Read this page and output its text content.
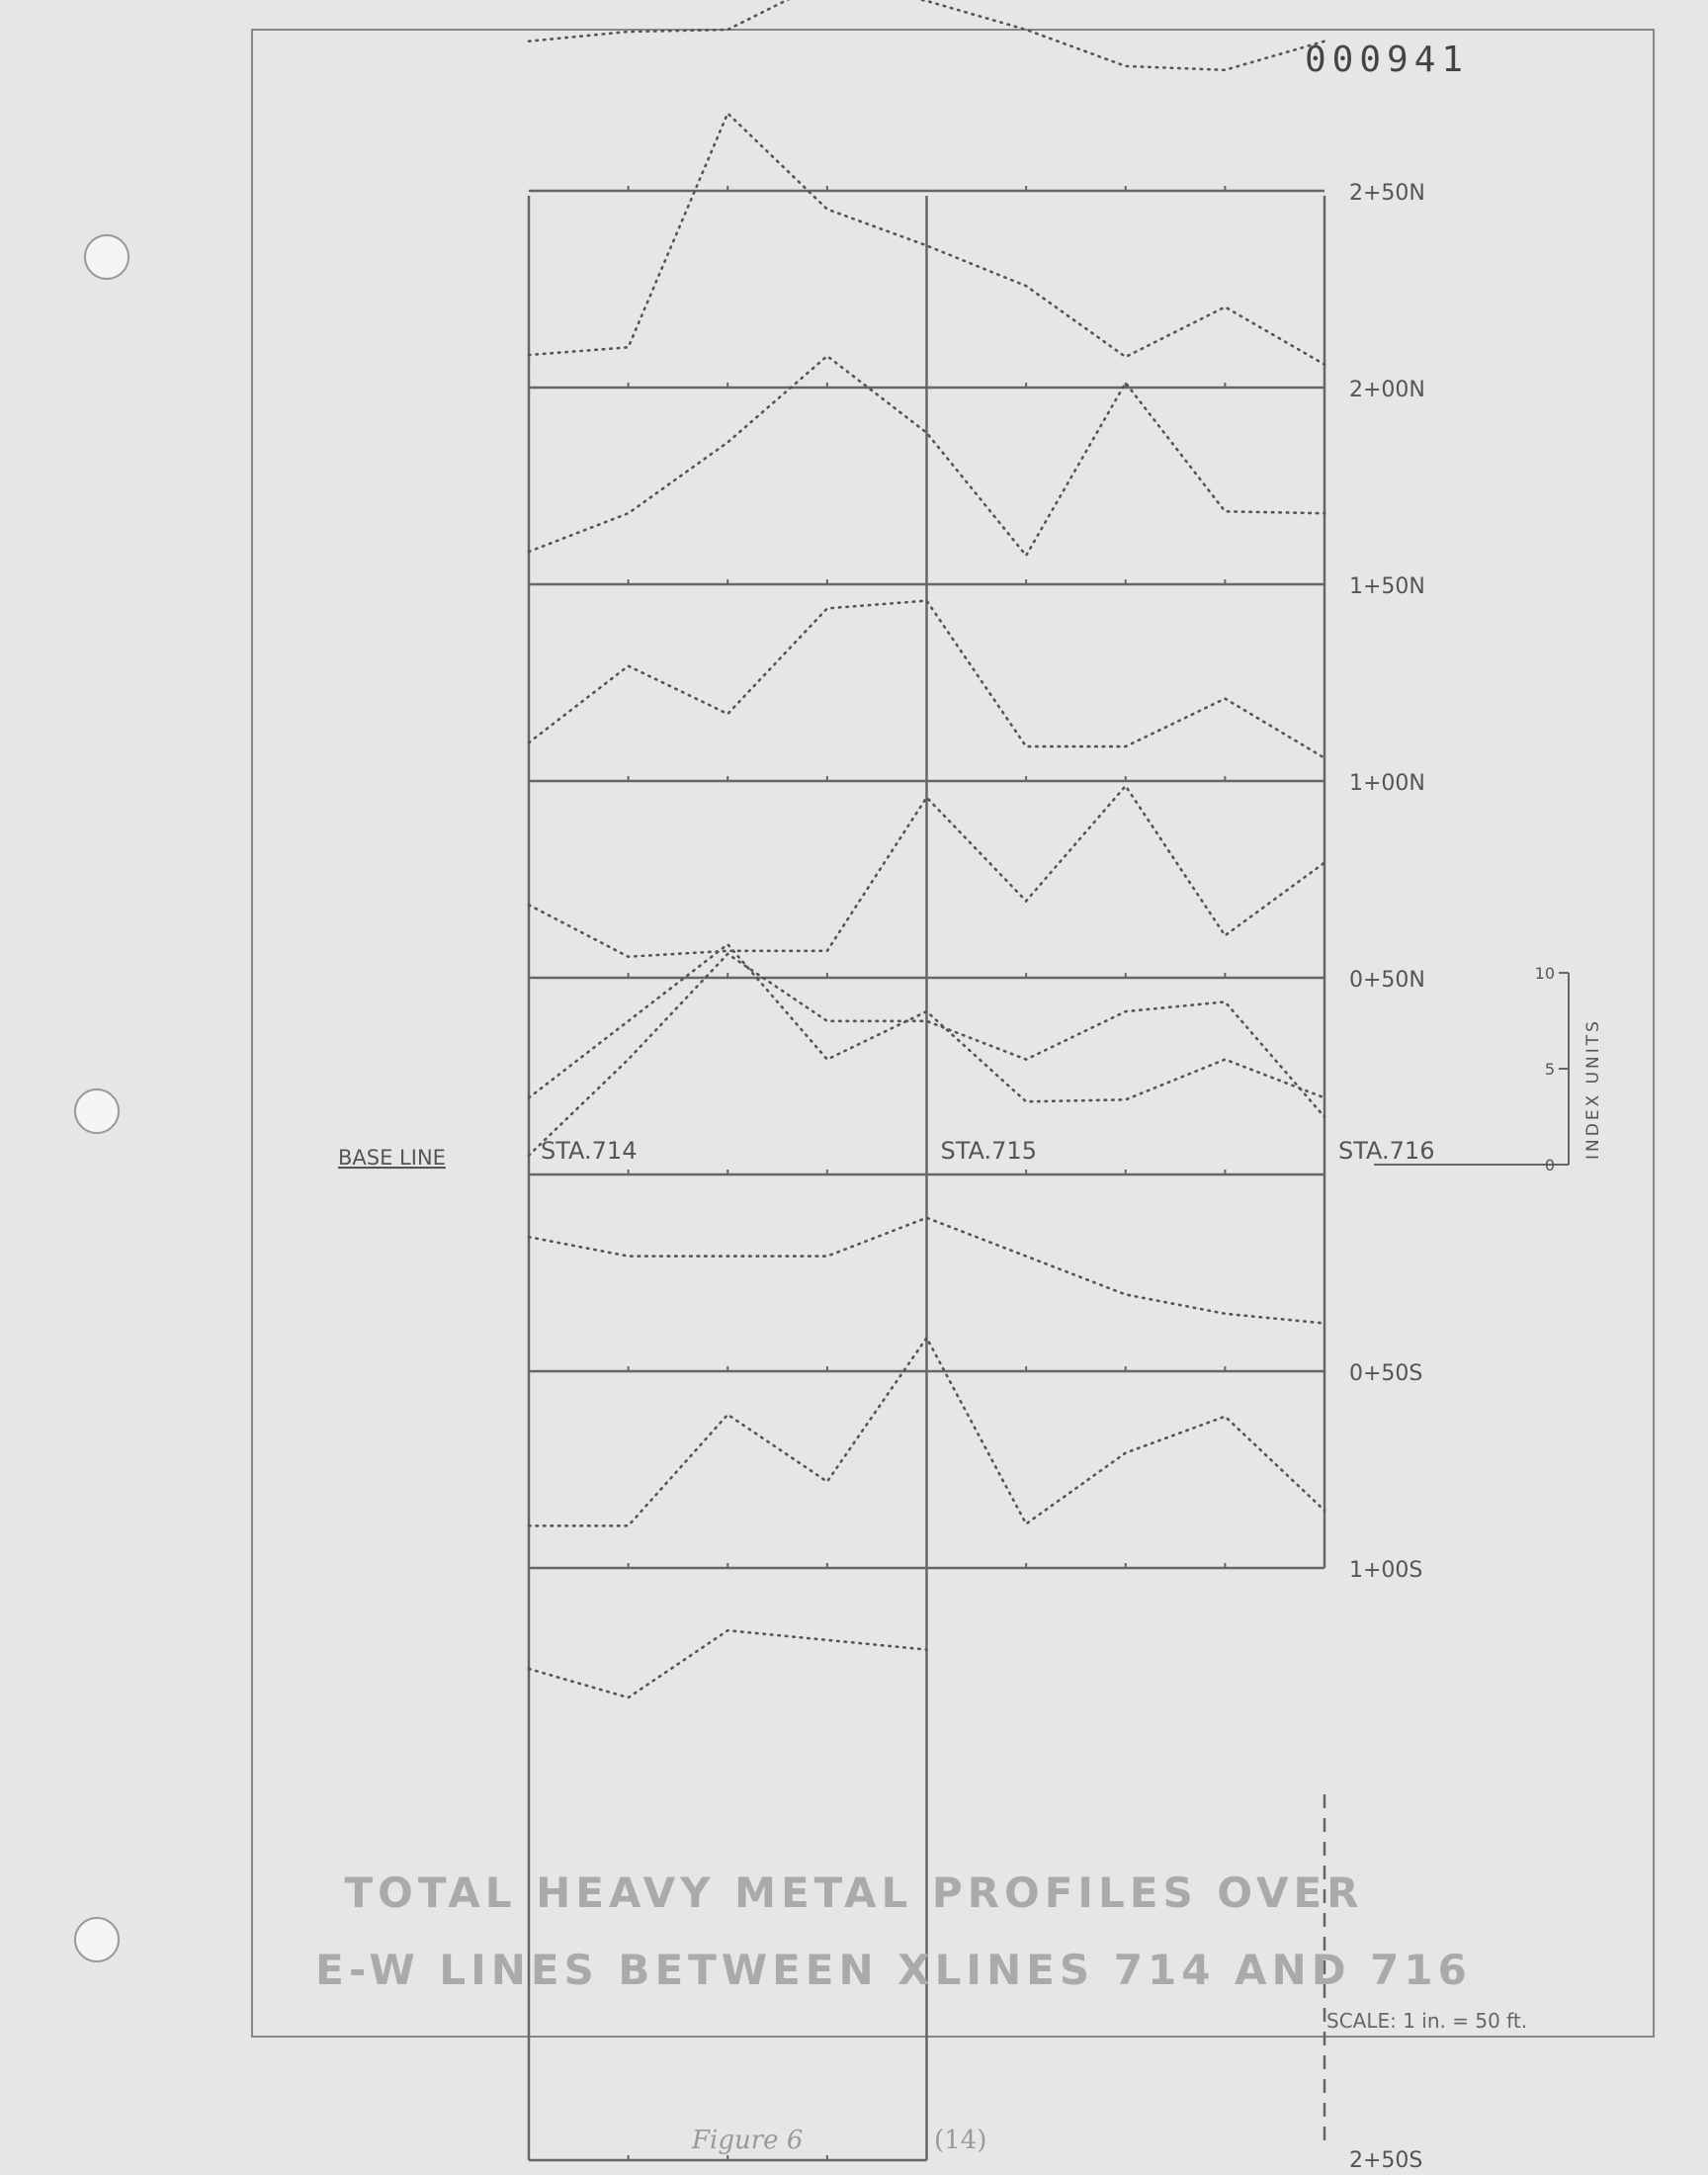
2+50N
2+00N
1+50N
1+00N
0+50N
0+50S
1+00S
2+50S
BASE LINE	STA.714	STA.715	STA.716
0
5
10
INDEX UNITS
000941
TOTAL HEAVY METAL PROFILES OVER
E-W LINES BETWEEN XLINES 714 AND 716
SCALE: 1 in. = 50 ft.
Figure 6	(14)
